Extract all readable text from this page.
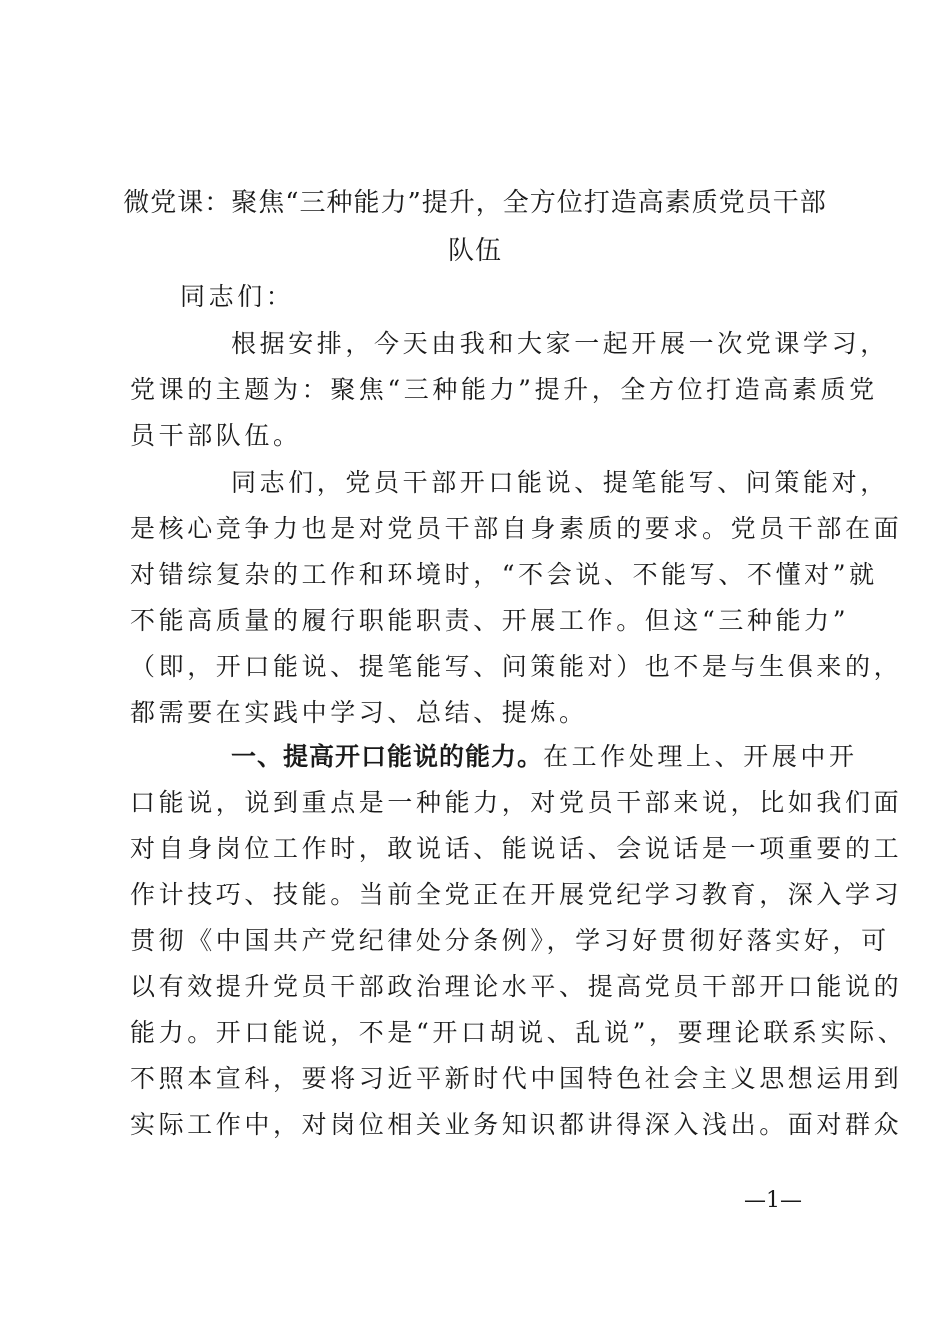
微党课：聚焦“三种能力”提升，全方位打造高素质党员干部
队伍
同志们：
根据安排，今天由我和大家一起开展一次党课学习，
党课的主题为：聚焦“三种能力”提升，全方位打造高素质党
员干部队伍。
同志们，党员干部开口能说、提笔能写、问策能对，
是核心竞争力也是对党员干部自身素质的要求。党员干部在面
对错综复杂的工作和环境时，“不会说、不能写、不懂对”就
不能高质量的履行职能职责、开展工作。但这“三种能力”
（即，开口能说、提笔能写、问策能对）也不是与生俱来的，
都需要在实践中学习、总结、提炼。
一、提高开口能说的能力。在工作处理上、开展中开
口能说，说到重点是一种能力，对党员干部来说，比如我们面
对自身岗位工作时，敢说话、能说话、会说话是一项重要的工
作计技巧、技能。当前全党正在开展党纪学习教育，深入学习
贯彻《中国共产党纪律处分条例》，学习好贯彻好落实好，可
以有效提升党员干部政治理论水平、提高党员干部开口能说的
能力。开口能说，不是“开口胡说、乱说”，要理论联系实际、
不照本宣科，要将习近平新时代中国特色社会主义思想运用到
实际工作中，对岗位相关业务知识都讲得深入浅出。面对群众
—1—
